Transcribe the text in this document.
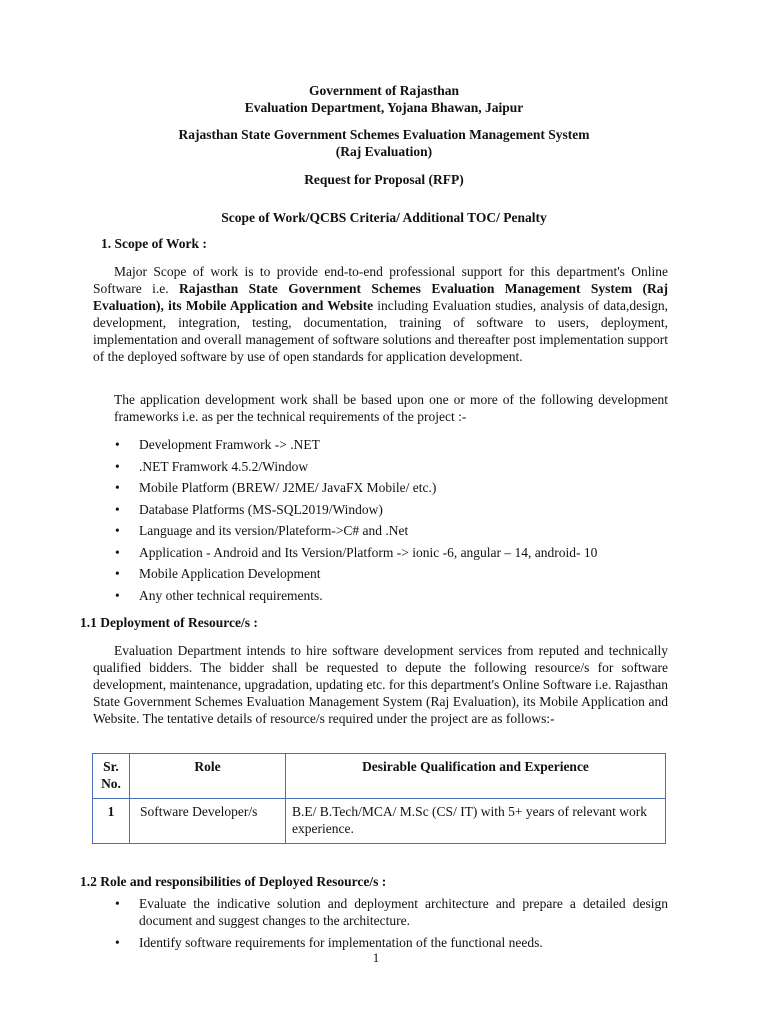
Government of Rajasthan
Evaluation Department, Yojana Bhawan, Jaipur
Rajasthan State Government Schemes Evaluation Management System
(Raj Evaluation)
Request for Proposal (RFP)
Scope of Work/QCBS Criteria/ Additional TOC/ Penalty
1. Scope of Work :
Major Scope of work is to provide end-to-end professional support for this department's Online Software i.e. Rajasthan State Government Schemes Evaluation Management System (Raj Evaluation), its Mobile Application and Website including Evaluation studies, analysis of data,design, development, integration, testing, documentation, training of software to users, deployment, implementation and overall management of software solutions and thereafter post implementation support of the deployed software by use of open standards for application development.
The application development work shall be based upon one or more of the following development frameworks i.e. as per the technical requirements of the project :-
•	Development Framwork -> .NET
•	.NET Framwork 4.5.2/Window
•	Mobile Platform (BREW/ J2ME/ JavaFX Mobile/ etc.)
•	Database Platforms (MS-SQL2019/Window)
•	Language and its version/Plateform->C# and .Net
•	Application - Android and Its Version/Platform -> ionic -6, angular – 14, android- 10
•	Mobile Application Development
•	Any other technical requirements.
1.1 Deployment of Resource/s :
Evaluation Department intends to hire software development services from reputed and technically qualified bidders. The bidder shall be requested to depute the following resource/s for software development, maintenance, upgradation, updating etc. for this department's Online Software i.e. Rajasthan State Government Schemes Evaluation Management System (Raj Evaluation), its Mobile Application and Website. The tentative details of resource/s required under the project are as follows:-
Sr. No.	Role	Desirable Qualification and Experience
1	Software Developer/s	B.E/ B.Tech/MCA/ M.Sc (CS/ IT) with 5+ years of relevant work experience.
1.2 Role and responsibilities of Deployed Resource/s :
•	Evaluate the indicative solution and deployment architecture and prepare a detailed design document and suggest changes to the architecture.
•	Identify software requirements for implementation of the functional needs.
1
